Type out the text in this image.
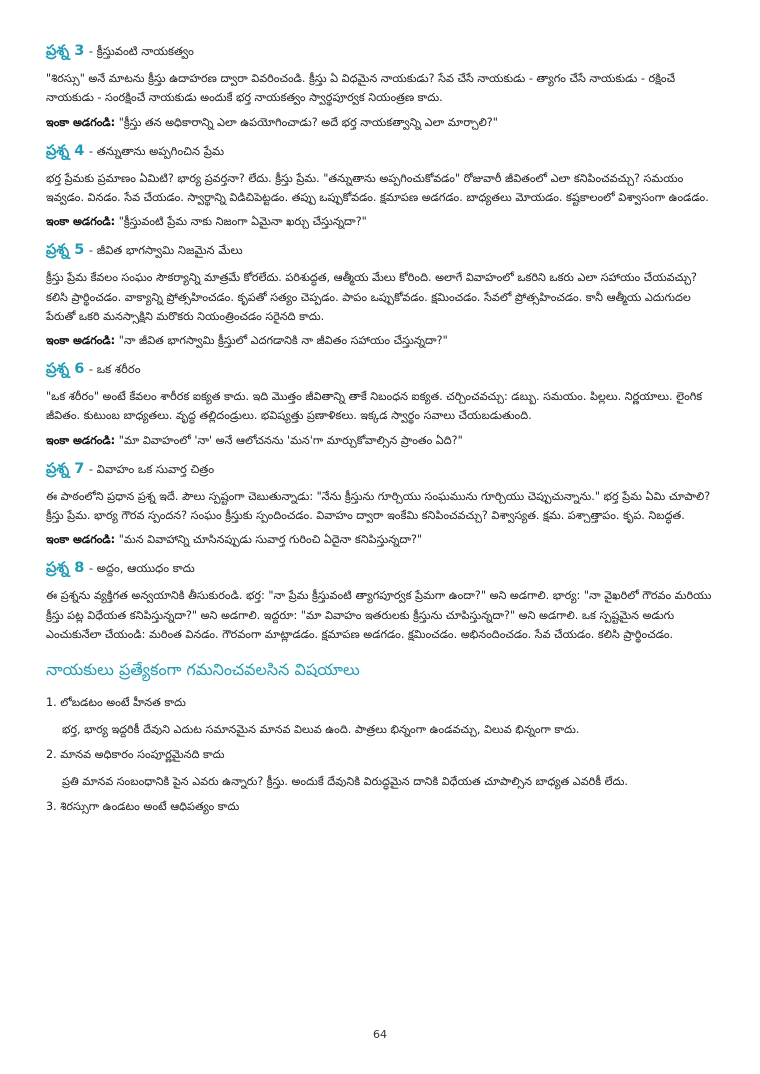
ప్రశ్న 3 - క్రీస్తువంటి నాయకత్వం

"శిరస్సు" అనే మాటను క్రీస్తు ఉదాహరణ ద్వారా వివరించండి. క్రీస్తు ఏ విధమైన నాయకుడు? సేవ చేసే నాయకుడు - త్యాగం చేసే నాయకుడు - రక్షించే నాయకుడు - సంరక్షించే నాయకుడు అందుకే భర్త నాయకత్వం స్వార్థపూర్వక నియంత్రణ కాదు.

ఇంకా అడగండి: "క్రీస్తు తన అధికారాన్ని ఎలా ఉపయోగించాడు? అదే భర్త నాయకత్వాన్ని ఎలా మార్చాలి?"

ప్రశ్న 4 - తన్నుతాను అప్పగించిన ప్రేమ

భర్త ప్రేమకు ప్రమాణం ఏమిటి? భార్య ప్రవర్తనా? లేదు. క్రీస్తు ప్రేమ. "తన్నుతాను అప్పగించుకోవడం" రోజువారీ జీవితంలో ఎలా కనిపించవచ్చు? సమయం ఇవ్వడం. వినడం. సేవ చేయడం. స్వార్థాన్ని విడిచిపెట్టడం. తప్పు ఒప్పుకోవడం. క్షమాపణ అడగడం. బాధ్యతలు మోయడం. కష్టకాలంలో విశ్వాసంగా ఉండడం.

ఇంకా అడగండి: "క్రీస్తువంటి ప్రేమ నాకు నిజంగా ఏమైనా ఖర్చు చేస్తున్నదా?"

ప్రశ్న 5 - జీవిత భాగస్వామి నిజమైన మేలు

క్రీస్తు ప్రేమ కేవలం సంఘం సౌకర్యాన్ని మాత్రమే కోరలేదు. పరిశుద్ధత, ఆత్మీయ మేలు కోరింది. అలాగే వివాహంలో ఒకరిని ఒకరు ఎలా సహాయం చేయవచ్చు? కలిసి ప్రార్థించడం. వాక్యాన్ని ప్రోత్సహించడం. కృపతో సత్యం చెప్పడం. పాపం ఒప్పుకోవడం. క్షమించడం. సేవలో ప్రోత్సహించడం. కానీ ఆత్మీయ ఎదుగుదల పేరుతో ఒకరి మనస్సాక్షిని మరొకరు నియంత్రించడం సరైనది కాదు.

ఇంకా అడగండి: "నా జీవిత భాగస్వామి క్రీస్తులో ఎదగడానికి నా జీవితం సహాయం చేస్తున్నదా?"

ప్రశ్న 6 - ఒక శరీరం

"ఒక శరీరం" అంటే కేవలం శారీరక ఐక్యత కాదు. ఇది మొత్తం జీవితాన్ని తాకే నిబంధన ఐక్యత. చర్చించవచ్చు: డబ్బు. సమయం. పిల్లలు. నిర్ణయాలు. లైంగిక జీవితం. కుటుంబ బాధ్యతలు. వృద్ధ తల్లిదండ్రులు. భవిష్యత్తు ప్రణాళికలు. ఇక్కడ స్వార్థం సవాలు చేయబడుతుంది.

ఇంకా అడగండి: "మా వివాహంలో 'నా' అనే ఆలోచనను 'మన'గా మార్చుకోవాల్సిన ప్రాంతం ఏది?"

ప్రశ్న 7 - వివాహం ఒక సువార్త చిత్రం

ఈ పాఠంలోని ప్రధాన ప్రశ్న ఇదే. పౌలు స్పష్టంగా చెబుతున్నాడు: "నేను క్రీస్తును గూర్చియు సంఘమును గూర్చియు చెప్పుచున్నాను." భర్త ప్రేమ ఏమి చూపాలి? క్రీస్తు ప్రేమ. భార్య గౌరవ స్పందన? సంఘం క్రీస్తుకు స్పందించడం. వివాహం ద్వారా ఇంకేమి కనిపించవచ్చు? విశ్వాస్యత. క్షమ. పశ్చాత్తాపం. కృప. నిబద్ధత.

ఇంకా అడగండి: "మన వివాహాన్ని చూసినప్పుడు సువార్త గురించి ఏదైనా కనిపిస్తున్నదా?"

ప్రశ్న 8 - అద్దం, ఆయుధం కాదు

ఈ ప్రశ్నను వ్యక్తిగత అన్వయానికి తీసుకురండి. భర్త: "నా ప్రేమ క్రీస్తువంటి త్యాగపూర్వక ప్రేమగా ఉందా?" అని అడగాలి. భార్య: "నా వైఖరిలో గౌరవం మరియు క్రీస్తు పట్ల విధేయత కనిపిస్తున్నదా?" అని అడగాలి. ఇద్దరూ: "మా వివాహం ఇతరులకు క్రీస్తును చూపిస్తున్నదా?" అని అడగాలి. ఒక స్పష్టమైన అడుగు ఎంచుకునేలా చేయండి: మరింత వినడం. గౌరవంగా మాట్లాడడం. క్షమాపణ అడగడం. క్షమించడం. అభినందించడం. సేవ చేయడం. కలిసి ప్రార్థించడం.

నాయకులు ప్రత్యేకంగా గమనించవలసిన విషయాలు
1. లోబడటం అంటే హీనత కాదు

భర్త, భార్య ఇద్దరికీ దేవుని ఎదుట సమానమైన మానవ విలువ ఉంది. పాత్రలు భిన్నంగా ఉండవచ్చు, విలువ భిన్నంగా కాదు.

2. మానవ అధికారం సంపూర్ణమైనది కాదు

ప్రతి మానవ సంబంధానికి పైన ఎవరు ఉన్నారు? క్రీస్తు. అందుకే దేవునికి విరుద్ధమైన దానికి విధేయత చూపాల్సిన బాధ్యత ఎవరికీ లేదు.

3. శిరస్సుగా ఉండటం అంటే ఆధిపత్యం కాదు
64
